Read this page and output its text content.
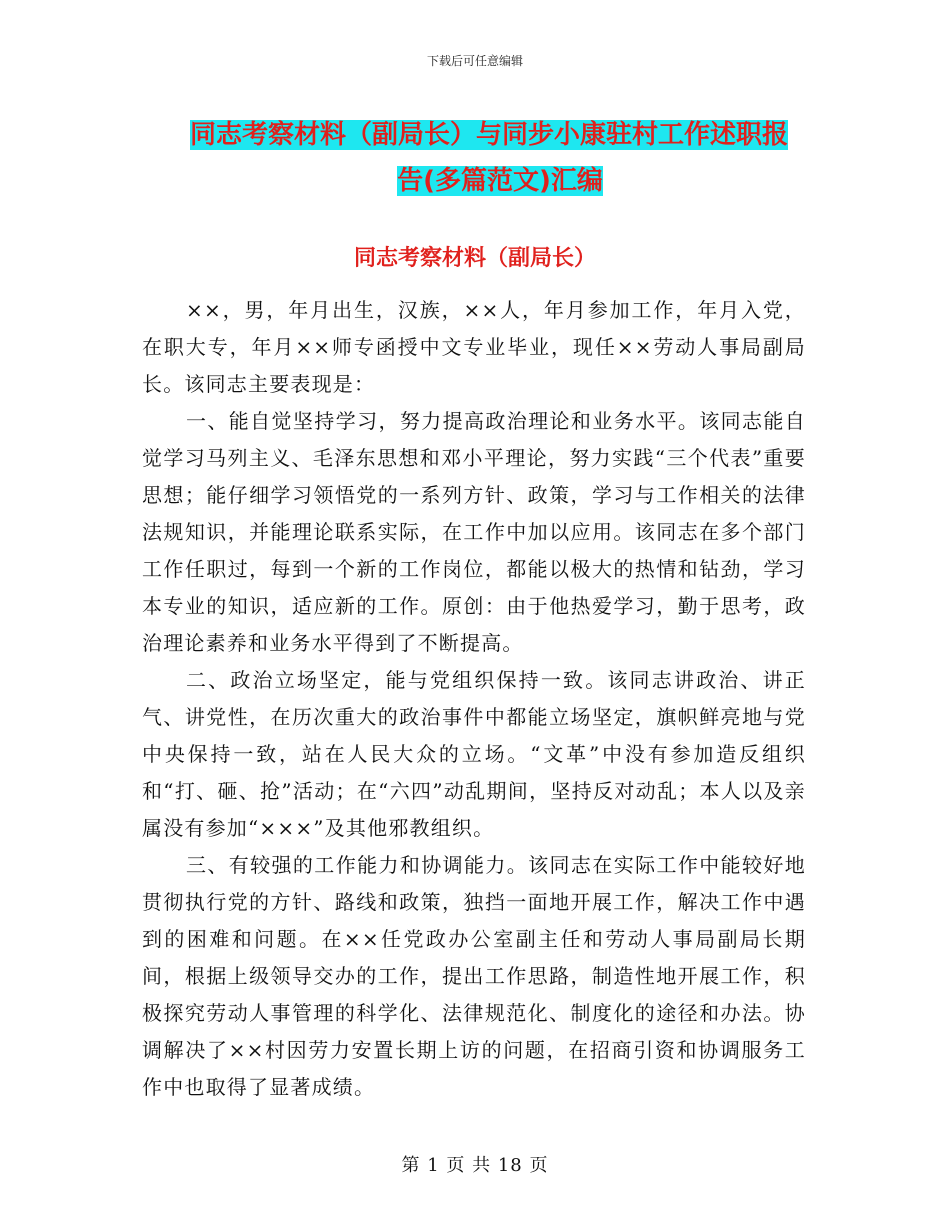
下载后可任意编辑
同志考察材料（副局长）与同步小康驻村工作述职报
告(多篇范文)汇编
同志考察材料（副局长）

××，男，年月出生，汉族，××人，年月参加工作，年月入党，在职大专，年月××师专函授中文专业毕业，现任××劳动人事局副局长。该同志主要表现是：

一、能自觉坚持学习，努力提高政治理论和业务水平。该同志能自觉学习马列主义、毛泽东思想和邓小平理论，努力实践“三个代表”重要思想；能仔细学习领悟党的一系列方针、政策，学习与工作相关的法律法规知识，并能理论联系实际，在工作中加以应用。该同志在多个部门工作任职过，每到一个新的工作岗位，都能以极大的热情和钻劲，学习本专业的知识，适应新的工作。原创：由于他热爱学习，勤于思考，政治理论素养和业务水平得到了不断提高。

二、政治立场坚定，能与党组织保持一致。该同志讲政治、讲正气、讲党性，在历次重大的政治事件中都能立场坚定，旗帜鲜亮地与党中央保持一致，站在人民大众的立场。“文革”中没有参加造反组织和“打、砸、抢”活动；在“六四”动乱期间，坚持反对动乱；本人以及亲属没有参加“×××”及其他邪教组织。

三、有较强的工作能力和协调能力。该同志在实际工作中能较好地贯彻执行党的方针、路线和政策，独挡一面地开展工作，解决工作中遇到的困难和问题。在××任党政办公室副主任和劳动人事局副局长期间，根据上级领导交办的工作，提出工作思路，制造性地开展工作，积极探究劳动人事管理的科学化、法律规范化、制度化的途径和办法。协调解决了××村因劳力安置长期上访的问题，在招商引资和协调服务工作中也取得了显著成绩。

第 1 页 共 18 页
